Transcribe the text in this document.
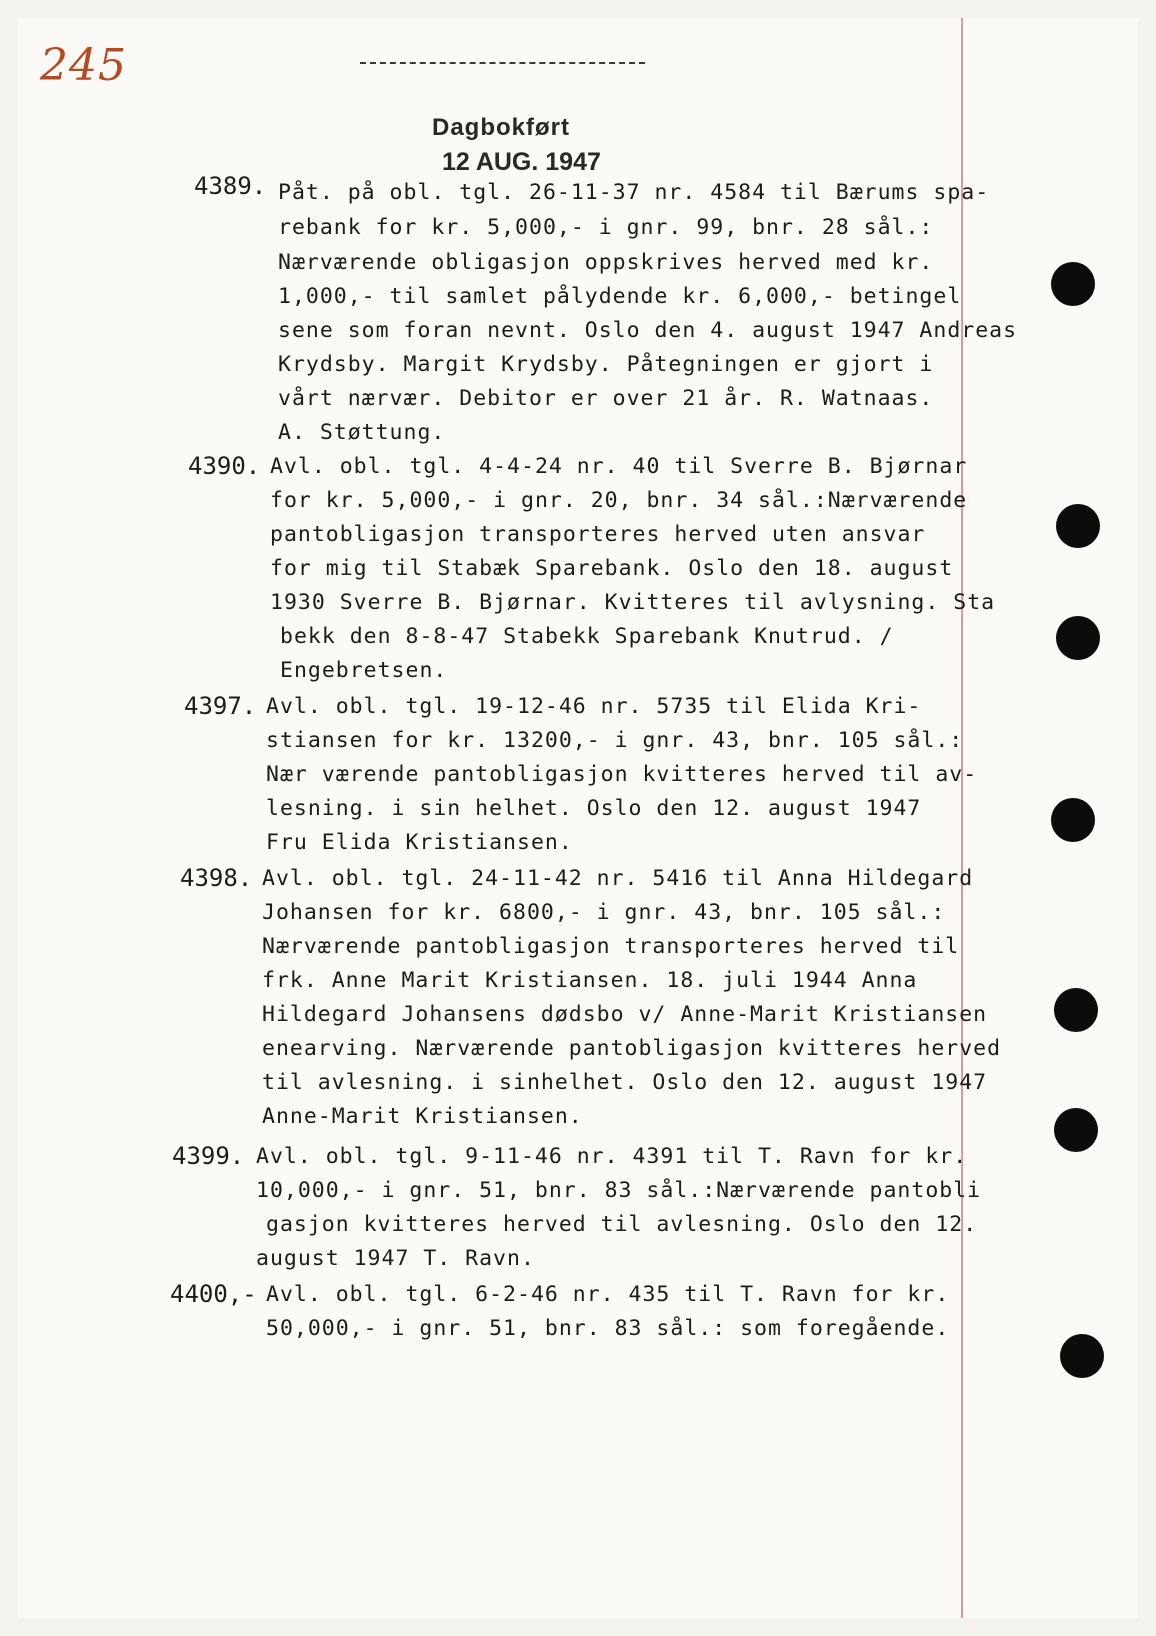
245
Dagbokført
12 AUG. 1947
4389. Påt. på obl. tgl. 26-11-37 nr. 4584 til Bærums spa-
rebank for kr. 5,000,- i gnr. 99, bnr. 28 sål.:
Nærværende obligasjon oppskrives herved med kr.
1,000,- til samlet pålydende kr. 6,000,- betingel
sene som foran nevnt. Oslo den 4. august 1947 Andreas
Krydsby. Margit Krydsby. Påtegningen er gjort i
vårt nærvær. Debitor er over 21 år. R. Watnaas.
A. Støttung.
4390. Avl. obl. tgl. 4-4-24 nr. 40 til Sverre B. Bjørnar
for kr. 5,000,- i gnr. 20, bnr. 34 sål.:Nærværende
pantobligasjon transporteres herved uten ansvar
for mig til Stabæk Sparebank. Oslo den 18. august
1930 Sverre B. Bjørnar. Kvitteres til avlysning. Sta
bekk den 8-8-47 Stabekk Sparebank Knutrud. /
Engebretsen.
4397. Avl. obl. tgl. 19-12-46 nr. 5735 til Elida Kri-
stiansen for kr. 13200,- i gnr. 43, bnr. 105 sål.:
Nær værende pantobligasjon kvitteres herved til av-
lesning. i sin helhet. Oslo den 12. august 1947
Fru Elida Kristiansen.
4398. Avl. obl. tgl. 24-11-42 nr. 5416 til Anna Hildegard
Johansen for kr. 6800,- i gnr. 43, bnr. 105 sål.:
Nærværende pantobligasjon transporteres herved til
frk. Anne Marit Kristiansen. 18. juli 1944 Anna
Hildegard Johansens dødsbo v/ Anne-Marit Kristiansen
enearving. Nærværende pantobligasjon kvitteres herved
til avlesning. i sinhelhet. Oslo den 12. august 1947
Anne-Marit Kristiansen.
4399. Avl. obl. tgl. 9-11-46 nr. 4391 til T. Ravn for kr.
10,000,- i gnr. 51, bnr. 83 sål.:Nærværende pantobli
gasjon kvitteres herved til avlesning. Oslo den 12.
august 1947 T. Ravn.
4400,- Avl. obl. tgl. 6-2-46 nr. 435 til T. Ravn for kr.
50,000,- i gnr. 51, bnr. 83 sål.: som foregående.
